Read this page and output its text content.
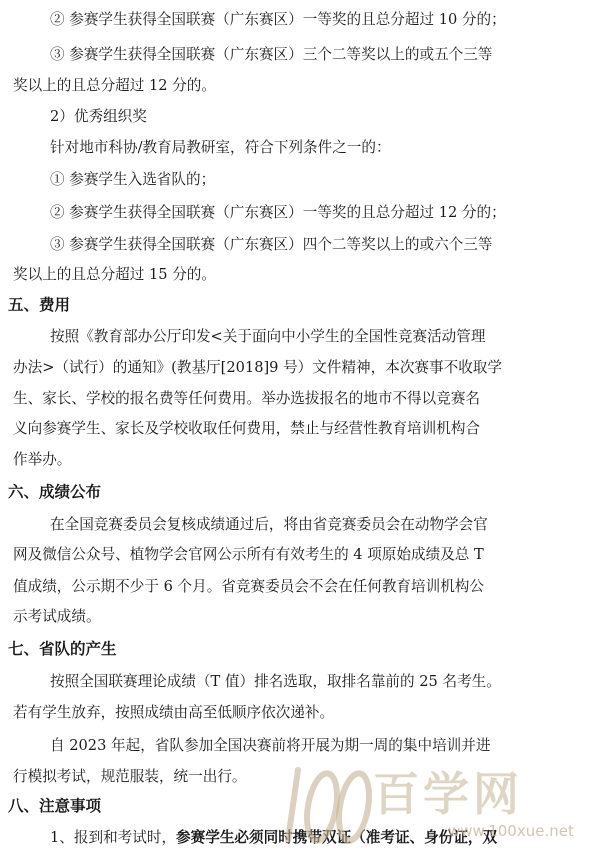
② 参赛学生获得全国联赛（广东赛区）一等奖的且总分超过 10 分的；
③ 参赛学生获得全国联赛（广东赛区）三个二等奖以上的或五个三等
奖以上的且总分超过 12 分的。
2）优秀组织奖
针对地市科协/教育局教研室，符合下列条件之一的：
① 参赛学生入选省队的；
② 参赛学生获得全国联赛（广东赛区）一等奖的且总分超过 12 分的；
③ 参赛学生获得全国联赛（广东赛区）四个二等奖以上的或六个三等
奖以上的且总分超过 15 分的。
五、费用
按照《教育部办公厅印发<关于面向中小学生的全国性竞赛活动管理
办法>（试行）的通知》(教基厅[2018]9 号）文件精神，本次赛事不收取学
生、家长、学校的报名费等任何费用。举办选拔报名的地市不得以竞赛名
义向参赛学生、家长及学校收取任何费用，禁止与经营性教育培训机构合
作举办。
六、成绩公布
在全国竞赛委员会复核成绩通过后，将由省竞赛委员会在动物学会官
网及微信公众号、植物学会官网公示所有有效考生的 4 项原始成绩及总 T
值成绩，公示期不少于 6 个月。省竞赛委员会不会在任何教育培训机构公
示考试成绩。
七、省队的产生
按照全国联赛理论成绩（T 值）排名选取，取排名靠前的 25 名考生。
若有学生放弃，按照成绩由高至低顺序依次递补。
自 2023 年起，省队参加全国决赛前将开展为期一周的集中培训并进
行模拟考试，规范服装，统一出行。
八、注意事项
1、报到和考试时，参赛学生必须同时携带双证（准考证、身份证，双
百学网
www.100xue.net
